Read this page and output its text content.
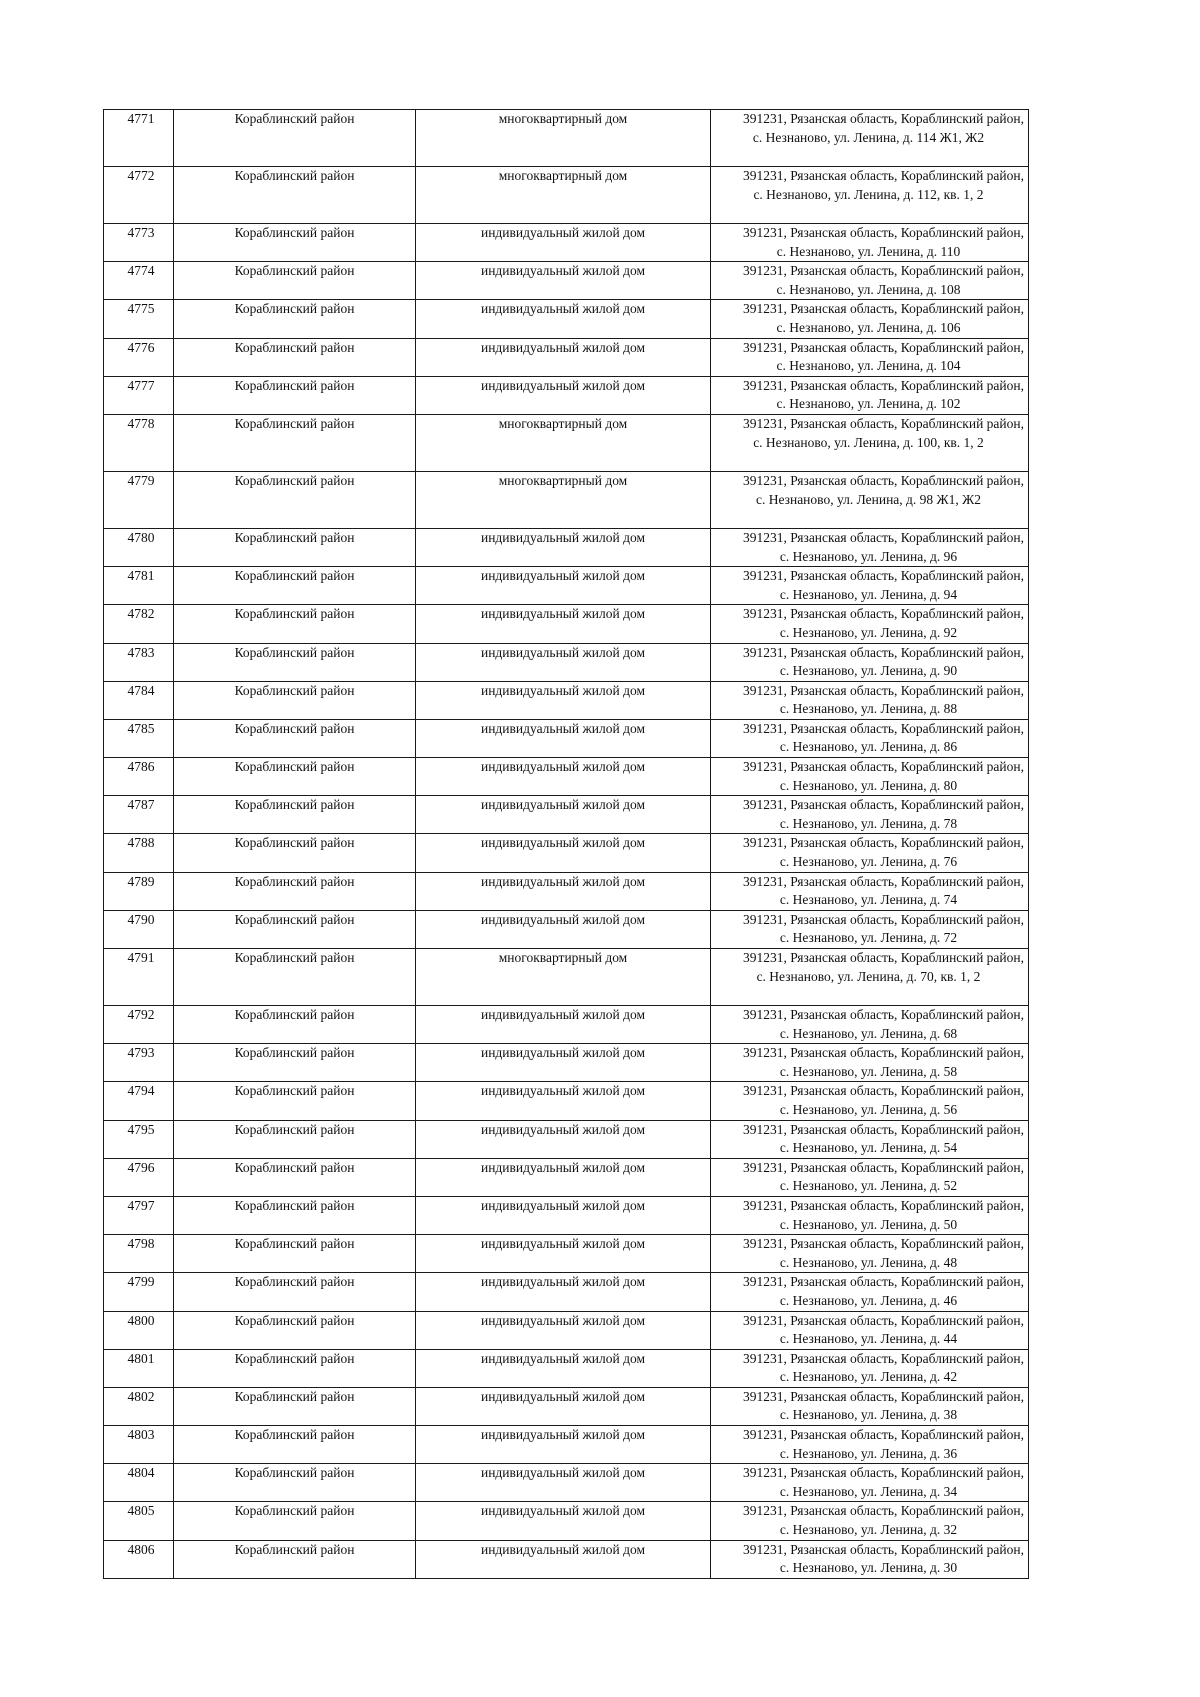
4771	Кораблинский район	многоквартирный дом	391231, Рязанская область, Кораблинский район,
с. Незнаново, ул. Ленина, д. 114 Ж1, Ж2

4772	Кораблинский район	многоквартирный дом	391231, Рязанская область, Кораблинский район,
с. Незнаново, ул. Ленина, д. 112, кв. 1, 2

4773	Кораблинский район	индивидуальный жилой дом	391231, Рязанская область, Кораблинский район,
с. Незнаново, ул. Ленина, д. 110

4774	Кораблинский район	индивидуальный жилой дом	391231, Рязанская область, Кораблинский район,
с. Незнаново, ул. Ленина, д. 108

4775	Кораблинский район	индивидуальный жилой дом	391231, Рязанская область, Кораблинский район,
с. Незнаново, ул. Ленина, д. 106

4776	Кораблинский район	индивидуальный жилой дом	391231, Рязанская область, Кораблинский район,
с. Незнаново, ул. Ленина, д. 104

4777	Кораблинский район	индивидуальный жилой дом	391231, Рязанская область, Кораблинский район,
с. Незнаново, ул. Ленина, д. 102

4778	Кораблинский район	многоквартирный дом	391231, Рязанская область, Кораблинский район,
с. Незнаново, ул. Ленина, д. 100, кв. 1, 2

4779	Кораблинский район	многоквартирный дом	391231, Рязанская область, Кораблинский район,
с. Незнаново, ул. Ленина, д. 98 Ж1, Ж2

4780	Кораблинский район	индивидуальный жилой дом	391231, Рязанская область, Кораблинский район,
с. Незнаново, ул. Ленина, д. 96

4781	Кораблинский район	индивидуальный жилой дом	391231, Рязанская область, Кораблинский район,
с. Незнаново, ул. Ленина, д. 94

4782	Кораблинский район	индивидуальный жилой дом	391231, Рязанская область, Кораблинский район,
с. Незнаново, ул. Ленина, д. 92

4783	Кораблинский район	индивидуальный жилой дом	391231, Рязанская область, Кораблинский район,
с. Незнаново, ул. Ленина, д. 90

4784	Кораблинский район	индивидуальный жилой дом	391231, Рязанская область, Кораблинский район,
с. Незнаново, ул. Ленина, д. 88

4785	Кораблинский район	индивидуальный жилой дом	391231, Рязанская область, Кораблинский район,
с. Незнаново, ул. Ленина, д. 86

4786	Кораблинский район	индивидуальный жилой дом	391231, Рязанская область, Кораблинский район,
с. Незнаново, ул. Ленина, д. 80

4787	Кораблинский район	индивидуальный жилой дом	391231, Рязанская область, Кораблинский район,
с. Незнаново, ул. Ленина, д. 78

4788	Кораблинский район	индивидуальный жилой дом	391231, Рязанская область, Кораблинский район,
с. Незнаново, ул. Ленина, д. 76

4789	Кораблинский район	индивидуальный жилой дом	391231, Рязанская область, Кораблинский район,
с. Незнаново, ул. Ленина, д. 74

4790	Кораблинский район	индивидуальный жилой дом	391231, Рязанская область, Кораблинский район,
с. Незнаново, ул. Ленина, д. 72

4791	Кораблинский район	многоквартирный дом	391231, Рязанская область, Кораблинский район,
с. Незнаново, ул. Ленина, д. 70, кв. 1, 2

4792	Кораблинский район	индивидуальный жилой дом	391231, Рязанская область, Кораблинский район,
с. Незнаново, ул. Ленина, д. 68

4793	Кораблинский район	индивидуальный жилой дом	391231, Рязанская область, Кораблинский район,
с. Незнаново, ул. Ленина, д. 58

4794	Кораблинский район	индивидуальный жилой дом	391231, Рязанская область, Кораблинский район,
с. Незнаново, ул. Ленина, д. 56

4795	Кораблинский район	индивидуальный жилой дом	391231, Рязанская область, Кораблинский район,
с. Незнаново, ул. Ленина, д. 54

4796	Кораблинский район	индивидуальный жилой дом	391231, Рязанская область, Кораблинский район,
с. Незнаново, ул. Ленина, д. 52

4797	Кораблинский район	индивидуальный жилой дом	391231, Рязанская область, Кораблинский район,
с. Незнаново, ул. Ленина, д. 50

4798	Кораблинский район	индивидуальный жилой дом	391231, Рязанская область, Кораблинский район,
с. Незнаново, ул. Ленина, д. 48

4799	Кораблинский район	индивидуальный жилой дом	391231, Рязанская область, Кораблинский район,
с. Незнаново, ул. Ленина, д. 46

4800	Кораблинский район	индивидуальный жилой дом	391231, Рязанская область, Кораблинский район,
с. Незнаново, ул. Ленина, д. 44

4801	Кораблинский район	индивидуальный жилой дом	391231, Рязанская область, Кораблинский район,
с. Незнаново, ул. Ленина, д. 42

4802	Кораблинский район	индивидуальный жилой дом	391231, Рязанская область, Кораблинский район,
с. Незнаново, ул. Ленина, д. 38

4803	Кораблинский район	индивидуальный жилой дом	391231, Рязанская область, Кораблинский район,
с. Незнаново, ул. Ленина, д. 36

4804	Кораблинский район	индивидуальный жилой дом	391231, Рязанская область, Кораблинский район,
с. Незнаново, ул. Ленина, д. 34

4805	Кораблинский район	индивидуальный жилой дом	391231, Рязанская область, Кораблинский район,
с. Незнаново, ул. Ленина, д. 32

4806	Кораблинский район	индивидуальный жилой дом	391231, Рязанская область, Кораблинский район,
с. Незнаново, ул. Ленина, д. 30
